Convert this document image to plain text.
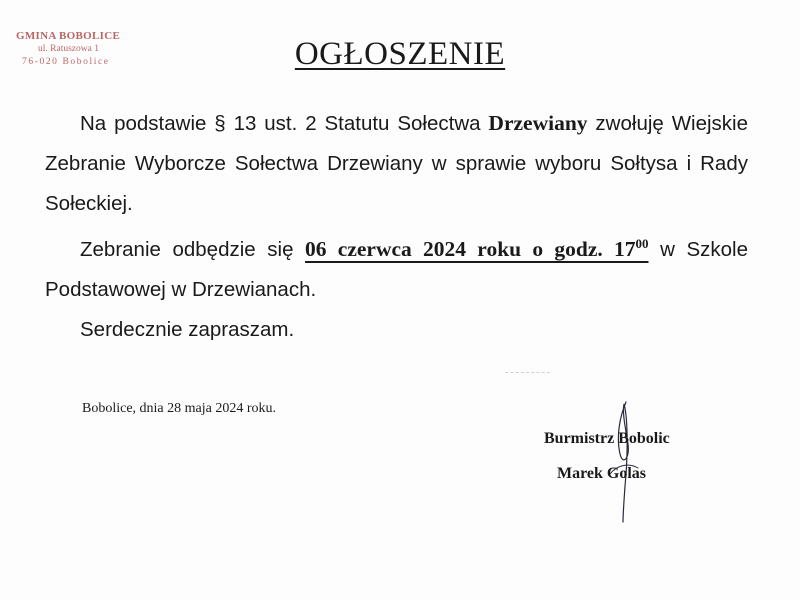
GMINA BOBOLICE
ul. Ratuszowa 1
76-020 Bobolice	OGŁOSZENIE

Na podstawie § 13 ust. 2 Statutu Sołectwa Drzewiany zwołuję Wiejskie Zebranie Wyborcze Sołectwa Drzewiany w sprawie wyboru Sołtysa i Rady Sołeckiej.

Zebranie odbędzie się 06 czerwca 2024 roku o godz. $17^{00}$ w Szkole Podstawowej w Drzewianach.

Serdecznie zapraszam.

Bobolice, dnia 28 maja 2024 roku.
Burmistrz Bobolic
Marek Golas
